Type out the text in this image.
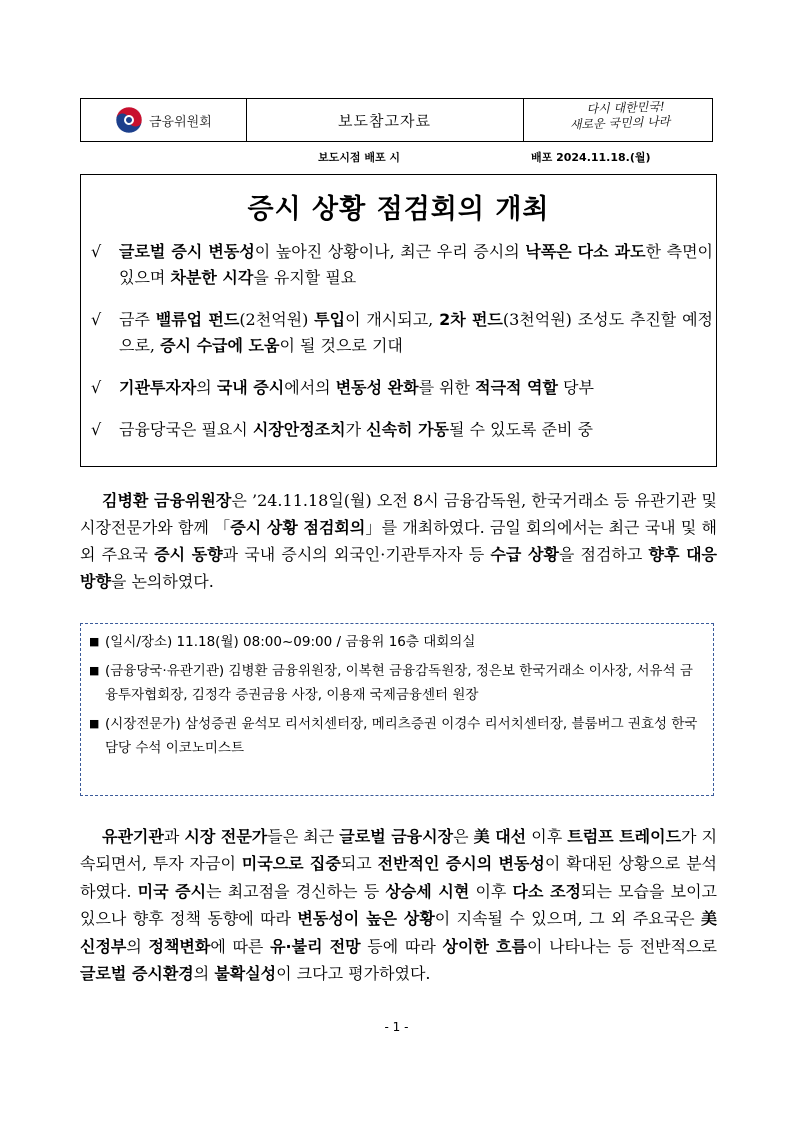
금융위원회	보도참고자료
다시 대한민국!
새로운 국민의 나라
보도시점 배포 시	배포 2024.11.18.(월)
증시 상황 점검회의 개최
√ 글로벌 증시 변동성이 높아진 상황이나, 최근 우리 증시의 낙폭은 다소 과도한 측면이 있으며 차분한 시각을 유지할 필요
√ 금주 밸류업 펀드(2천억원) 투입이 개시되고, 2차 펀드(3천억원) 조성도 추진할 예정으로, 증시 수급에 도움이 될 것으로 기대
√ 기관투자자의 국내 증시에서의 변동성 완화를 위한 적극적 역할 당부
√ 금융당국은 필요시 시장안정조치가 신속히 가동될 수 있도록 준비 중
김병환 금융위원장은 ’24.11.18일(월) 오전 8시 금융감독원, 한국거래소 등 유관기관 및 시장전문가와 함께 「증시 상황 점검회의」를 개최하였다. 금일 회의에서는 최근 국내 및 해외 주요국 증시 동향과 국내 증시의 외국인·기관투자자 등 수급 상황을 점검하고 향후 대응방향을 논의하였다.
■ (일시/장소) 11.18(월) 08:00~09:00 / 금융위 16층 대회의실
■ (금융당국·유관기관) 김병환 금융위원장, 이복현 금융감독원장, 정은보 한국거래소 이사장, 서유석 금융투자협회장, 김정각 증권금융 사장, 이용재 국제금융센터 원장
■ (시장전문가) 삼성증권 윤석모 리서치센터장, 메리츠증권 이경수 리서치센터장, 블룸버그 권효성 한국담당 수석 이코노미스트
유관기관과 시장 전문가들은 최근 글로벌 금융시장은 美 대선 이후 트럼프 트레이드가 지속되면서, 투자 자금이 미국으로 집중되고 전반적인 증시의 변동성이 확대된 상황으로 분석하였다. 미국 증시는 최고점을 경신하는 등 상승세 시현 이후 다소 조정되는 모습을 보이고 있으나 향후 정책 동향에 따라 변동성이 높은 상황이 지속될 수 있으며, 그 외 주요국은 美 신정부의 정책변화에 따른 유·불리 전망 등에 따라 상이한 흐름이 나타나는 등 전반적으로 글로벌 증시환경의 불확실성이 크다고 평가하였다.
- 1 -
